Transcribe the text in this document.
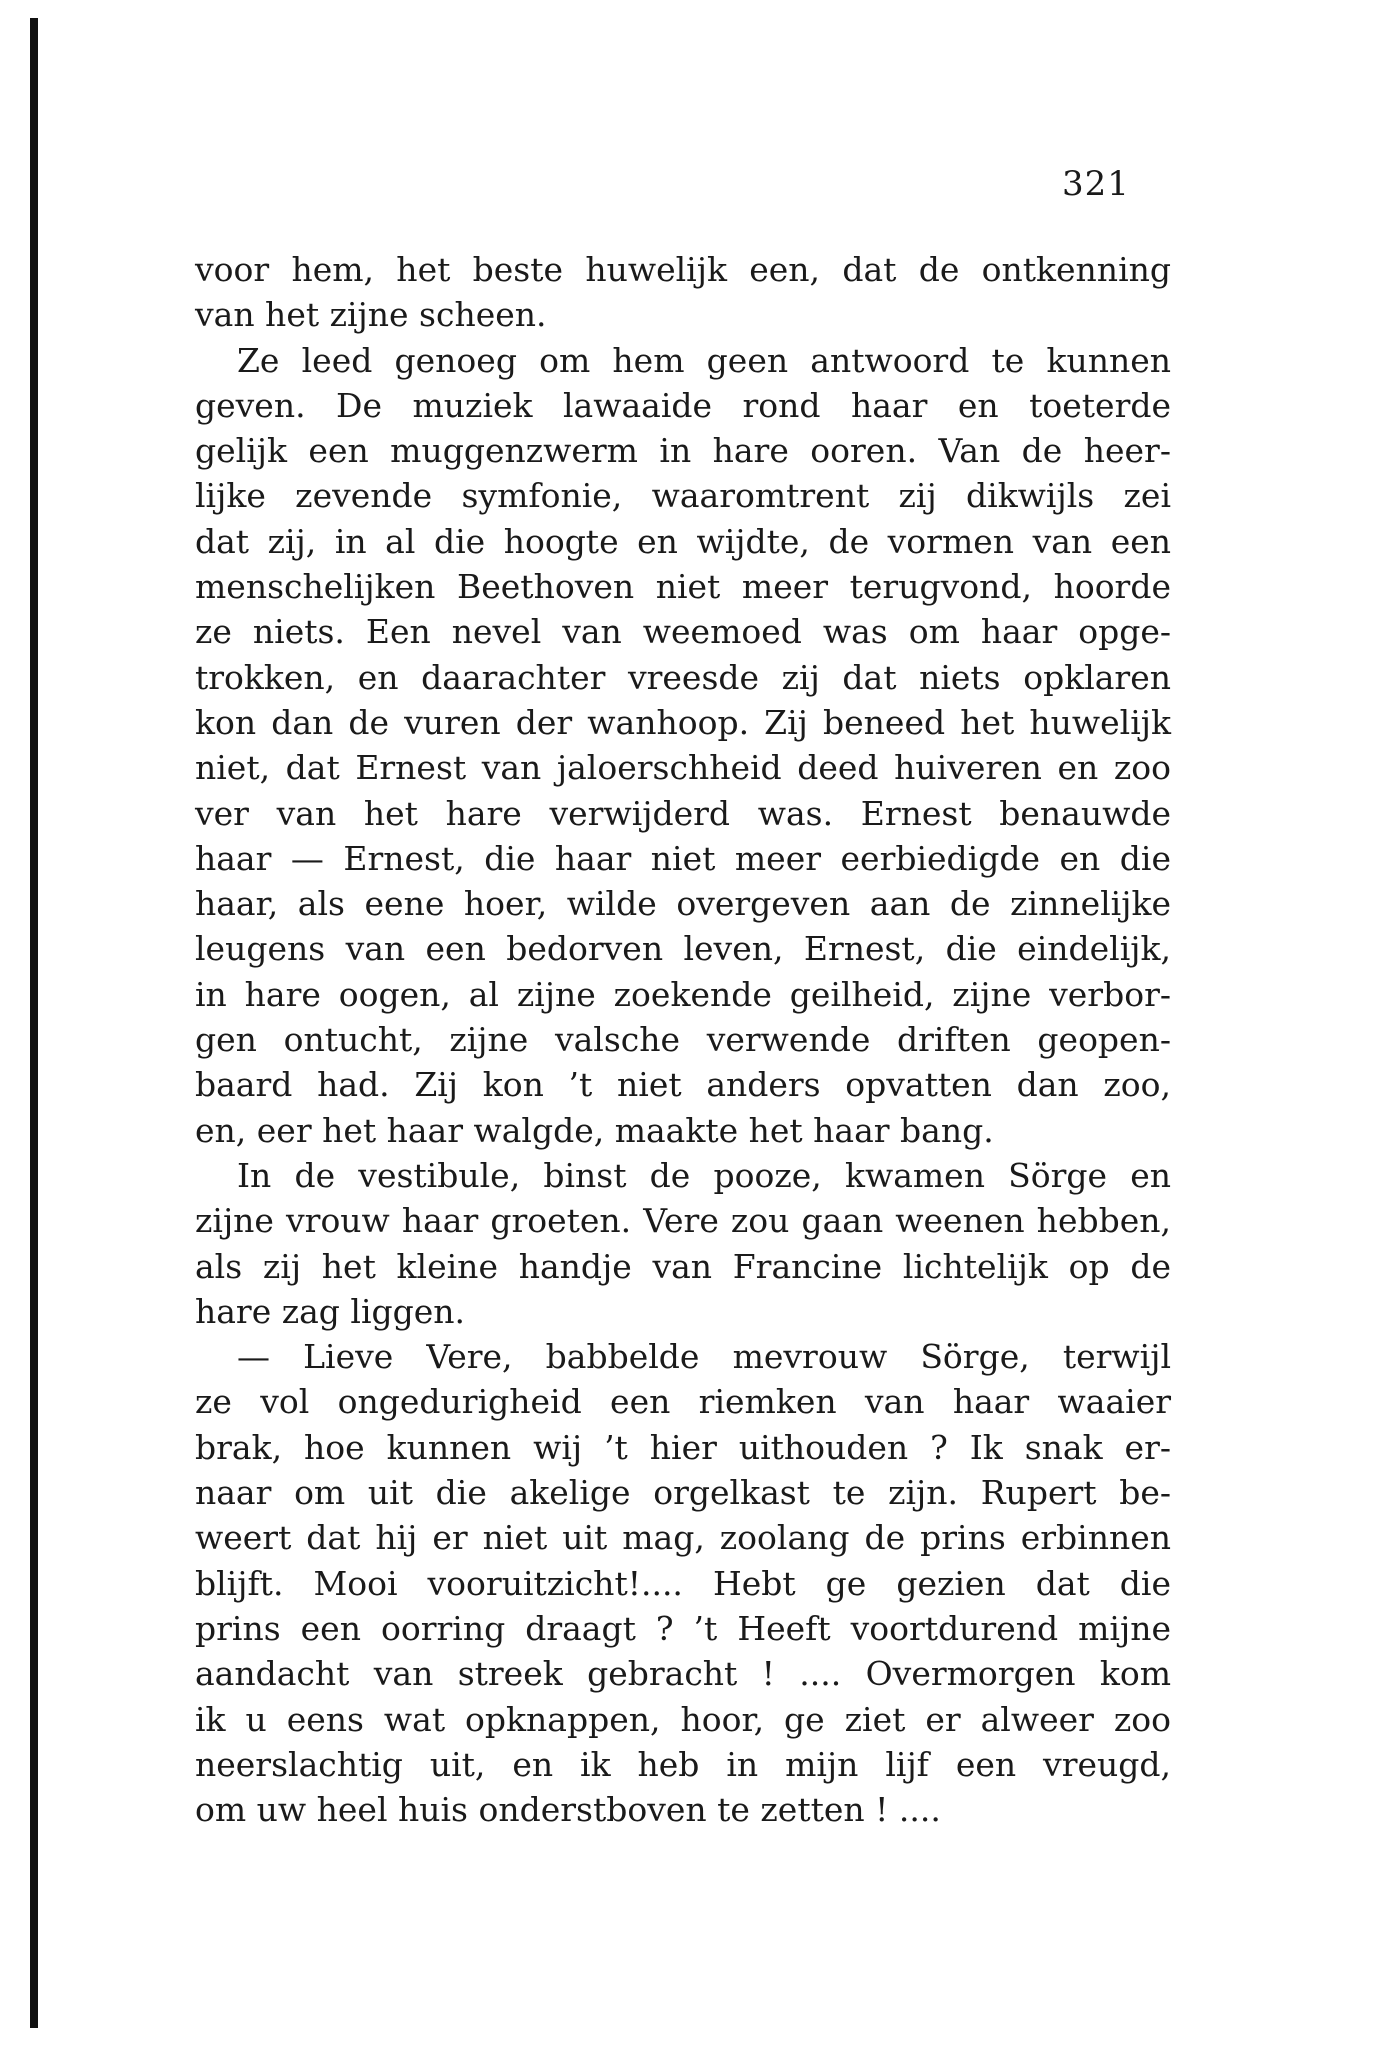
321
voor hem, het beste huwelijk een, dat de ontkenning
van het zijne scheen.
Ze leed genoeg om hem geen antwoord te kunnen
geven. De muziek lawaaide rond haar en toeterde
gelijk een muggenzwerm in hare ooren. Van de heer-
lijke zevende symfonie, waaromtrent zij dikwijls zei
dat zij, in al die hoogte en wijdte, de vormen van een
menschelijken Beethoven niet meer terugvond, hoorde
ze niets. Een nevel van weemoed was om haar opge-
trokken, en daarachter vreesde zij dat niets opklaren
kon dan de vuren der wanhoop. Zij beneed het huwelijk
niet, dat Ernest van jaloerschheid deed huiveren en zoo
ver van het hare verwijderd was. Ernest benauwde
haar — Ernest, die haar niet meer eerbiedigde en die
haar, als eene hoer, wilde overgeven aan de zinnelijke
leugens van een bedorven leven, Ernest, die eindelijk,
in hare oogen, al zijne zoekende geilheid, zijne verbor-
gen ontucht, zijne valsche verwende driften geopen-
baard had. Zij kon ’t niet anders opvatten dan zoo,
en, eer het haar walgde, maakte het haar bang.
In de vestibule, binst de pooze, kwamen Sörge en
zijne vrouw haar groeten. Vere zou gaan weenen hebben,
als zij het kleine handje van Francine lichtelijk op de
hare zag liggen.
— Lieve Vere, babbelde mevrouw Sörge, terwijl
ze vol ongedurigheid een riemken van haar waaier
brak, hoe kunnen wij ’t hier uithouden ? Ik snak er-
naar om uit die akelige orgelkast te zijn. Rupert be-
weert dat hij er niet uit mag, zoolang de prins erbinnen
blijft. Mooi vooruitzicht!.... Hebt ge gezien dat die
prins een oorring draagt ? ’t Heeft voortdurend mijne
aandacht van streek gebracht ! .... Overmorgen kom
ik u eens wat opknappen, hoor, ge ziet er alweer zoo
neerslachtig uit, en ik heb in mijn lijf een vreugd,
om uw heel huis onderstboven te zetten ! ....
